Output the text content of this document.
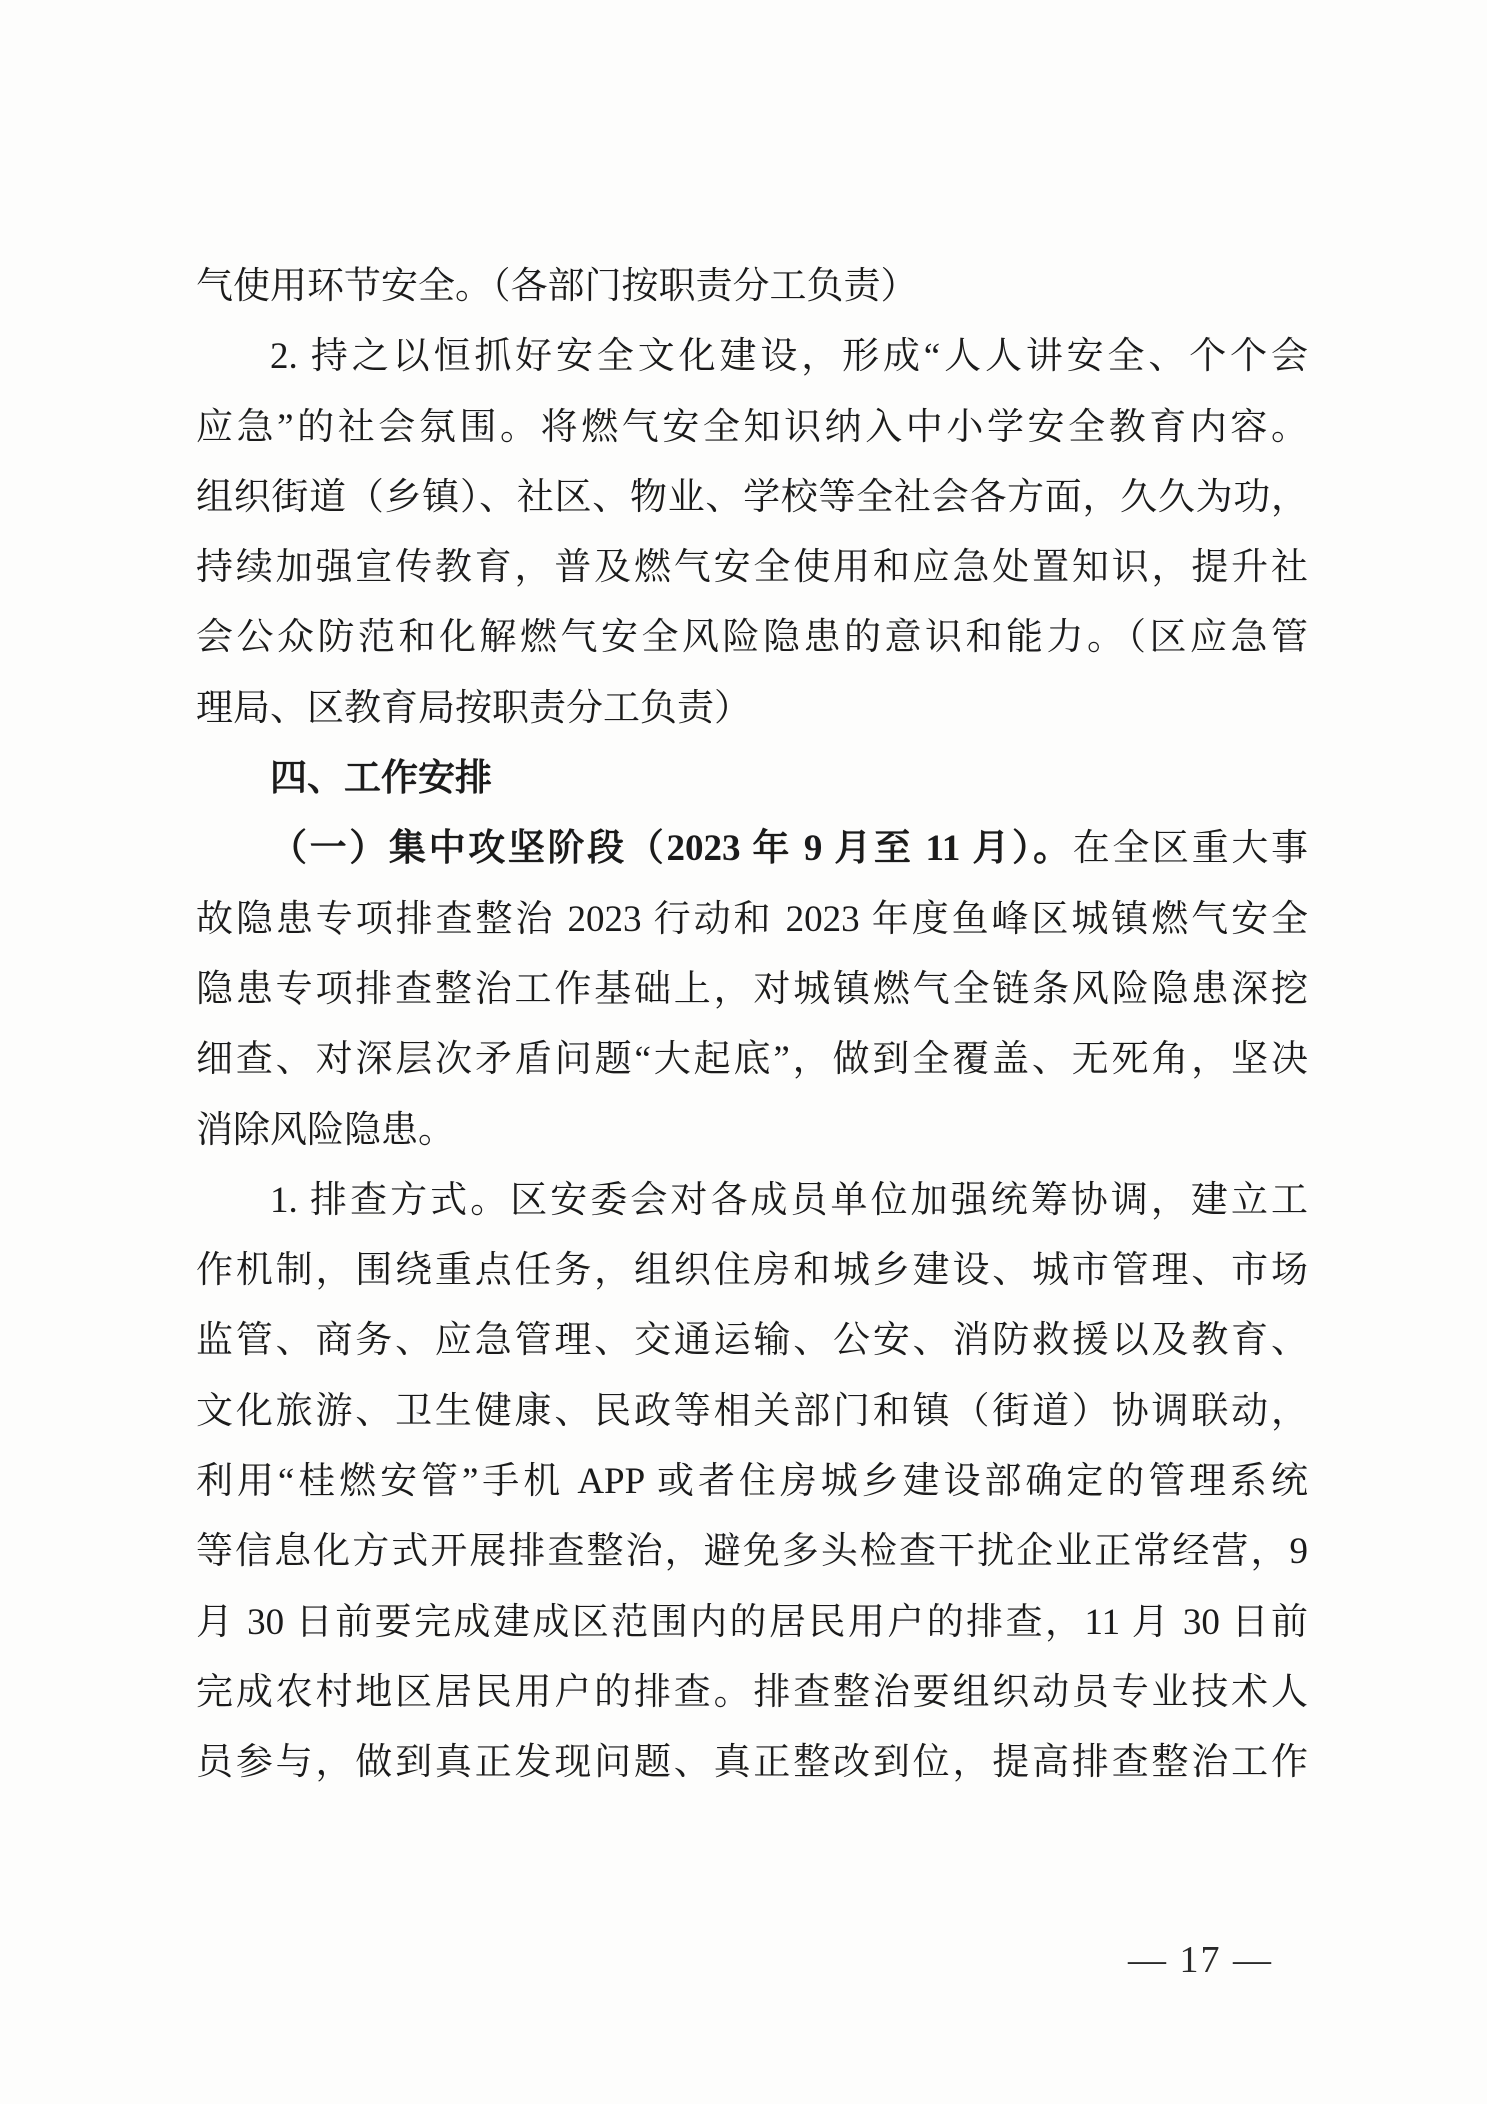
气使用环节安全。（各部门按职责分工负责）
2. 持之以恒抓好安全文化建设，形成“人人讲安全、个个会
应急”的社会氛围。将燃气安全知识纳入中小学安全教育内容。
组织街道（乡镇）、社区、物业、学校等全社会各方面，久久为功，
持续加强宣传教育，普及燃气安全使用和应急处置知识，提升社
会公众防范和化解燃气安全风险隐患的意识和能力。（区应急管
理局、区教育局按职责分工负责）
四、工作安排
（一）集中攻坚阶段（2023 年 9 月至 11 月）。在全区重大事
故隐患专项排查整治 2023 行动和 2023 年度鱼峰区城镇燃气安全
隐患专项排查整治工作基础上，对城镇燃气全链条风险隐患深挖
细查、对深层次矛盾问题“大起底”，做到全覆盖、无死角，坚决
消除风险隐患。
1. 排查方式。区安委会对各成员单位加强统筹协调，建立工
作机制，围绕重点任务，组织住房和城乡建设、城市管理、市场
监管、商务、应急管理、交通运输、公安、消防救援以及教育、
文化旅游、卫生健康、民政等相关部门和镇（街道）协调联动，
利用“桂燃安管”手机 APP 或者住房城乡建设部确定的管理系统
等信息化方式开展排查整治，避免多头检查干扰企业正常经营，9
月 30 日前要完成建成区范围内的居民用户的排查，11 月 30 日前
完成农村地区居民用户的排查。排查整治要组织动员专业技术人
员参与，做到真正发现问题、真正整改到位，提高排查整治工作
— 17 —
